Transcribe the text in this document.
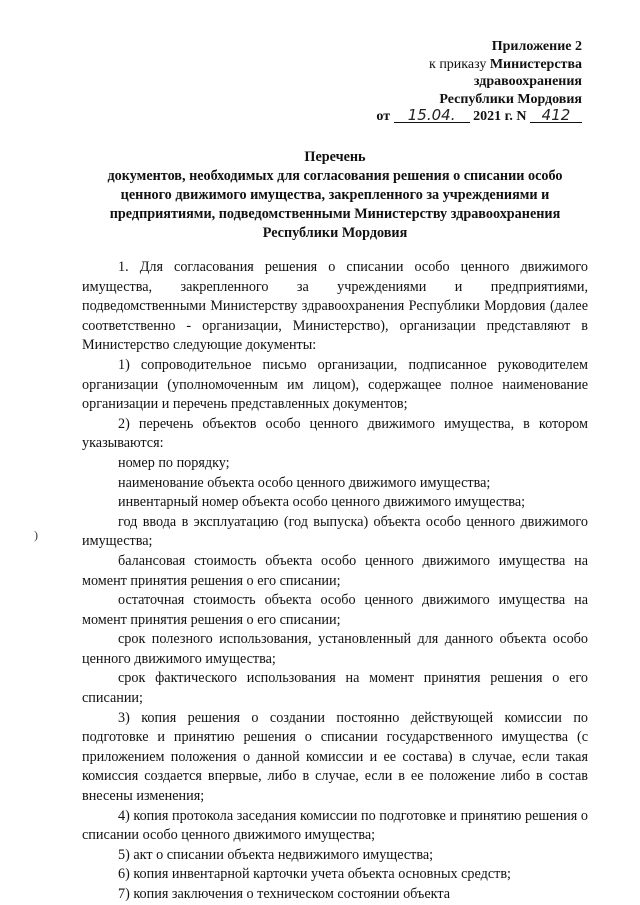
Приложение 2
к приказу Министерства
здравоохранения
Республики Мордовия
от 15.04. 2021 г. N 412
Перечень
документов, необходимых для согласования решения о списании особо
ценного движимого имущества, закрепленного за учреждениями и
предприятиями, подведомственными Министерству здравоохранения
Республики Мордовия
)

1. Для согласования решения о списании особо ценного движимого имущества, закрепленного за учреждениями и предприятиями, подведомственными Министерству здравоохранения Республики Мордовия (далее соответственно - организации, Министерство), организации представляют в Министерство следующие документы:

1) сопроводительное письмо организации, подписанное руководителем организации (уполномоченным им лицом), содержащее полное наименование организации и перечень представленных документов;

2) перечень объектов особо ценного движимого имущества, в котором указываются:

номер по порядку;

наименование объекта особо ценного движимого имущества;

инвентарный номер объекта особо ценного движимого имущества;

год ввода в эксплуатацию (год выпуска) объекта особо ценного движимого имущества;

балансовая стоимость объекта особо ценного движимого имущества на момент принятия решения о его списании;

остаточная стоимость объекта особо ценного движимого имущества на момент принятия решения о его списании;

срок полезного использования, установленный для данного объекта особо ценного движимого имущества;

срок фактического использования на момент принятия решения о его списании;

3) копия решения о создании постоянно действующей комиссии по подготовке и принятию решения о списании государственного имущества (с приложением положения о данной комиссии и ее состава) в случае, если такая комиссия создается впервые, либо в случае, если в ее положение либо в состав внесены изменения;

4) копия протокола заседания комиссии по подготовке и принятию решения о списании особо ценного движимого имущества;

5) акт о списании объекта недвижимого имущества;

6) копия инвентарной карточки учета объекта основных средств;

7) копия заключения о техническом состоянии объекта
